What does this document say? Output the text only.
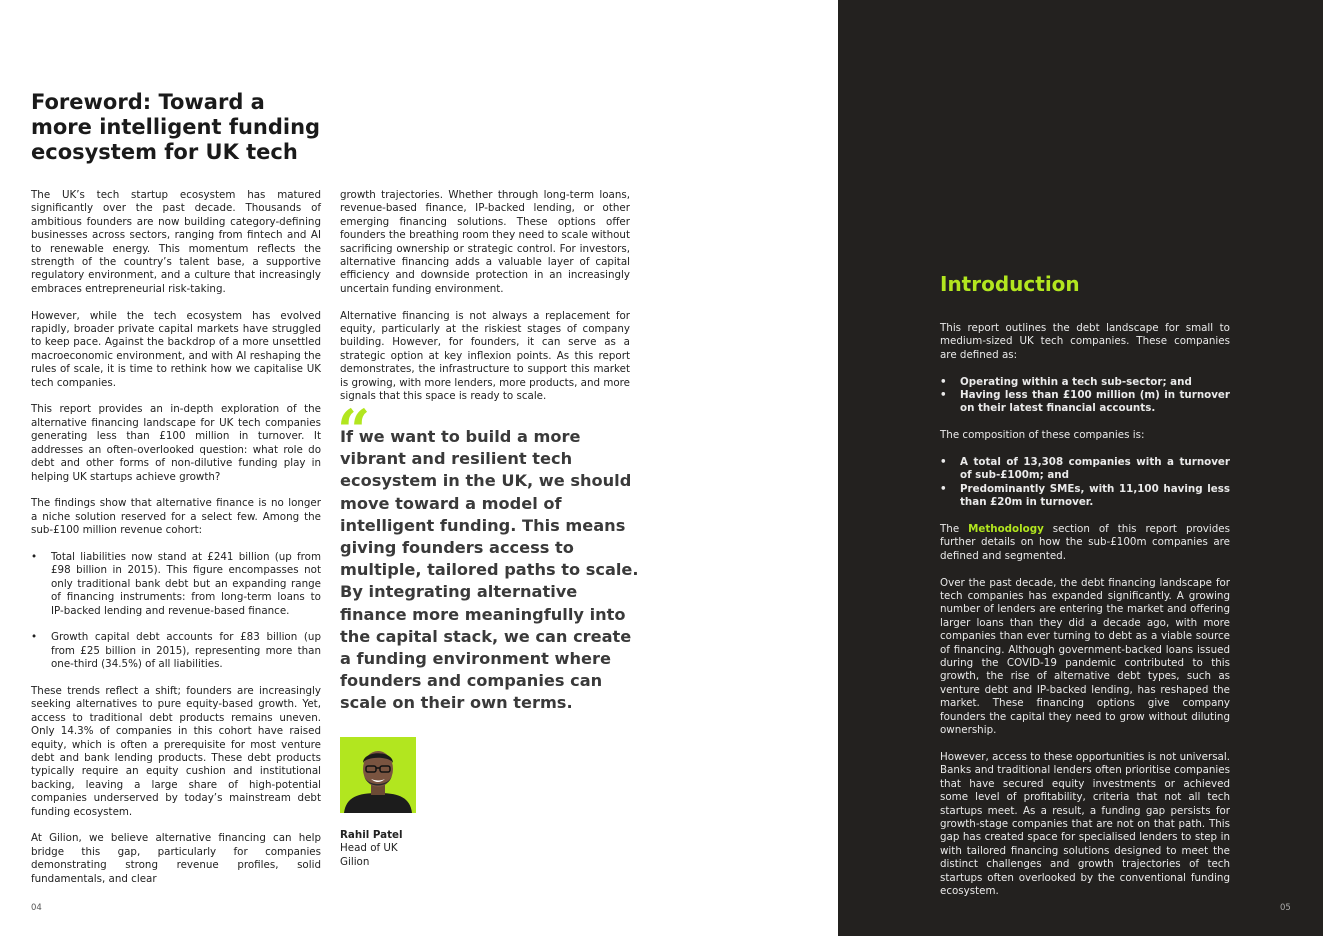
Foreword: Toward a more intelligent funding ecosystem for UK tech

The UK’s tech startup ecosystem has matured significantly over the past decade. Thousands of ambitious founders are now building category-defining businesses across sectors, ranging from fintech and AI to renewable energy. This momentum reflects the strength of the country’s talent base, a supportive regulatory environment, and a culture that increasingly embraces entrepreneurial risk-taking.

However, while the tech ecosystem has evolved rapidly, broader private capital markets have struggled to keep pace. Against the backdrop of a more unsettled macroeconomic environment, and with AI reshaping the rules of scale, it is time to rethink how we capitalise UK tech companies.

This report provides an in-depth exploration of the alternative financing landscape for UK tech companies generating less than £100 million in turnover. It addresses an often-overlooked question: what role do debt and other forms of non-dilutive funding play in helping UK startups achieve growth?

The findings show that alternative finance is no longer a niche solution reserved for a select few. Among the sub-£100 million revenue cohort:

• Total liabilities now stand at £241 billion (up from £98 billion in 2015). This figure encompasses not only traditional bank debt but an expanding range of financing instruments: from long-term loans to IP-backed lending and revenue-based finance.
• Growth capital debt accounts for £83 billion (up from £25 billion in 2015), representing more than one-third (34.5%) of all liabilities.

These trends reflect a shift; founders are increasingly seeking alternatives to pure equity-based growth. Yet, access to traditional debt products remains uneven. Only 14.3% of companies in this cohort have raised equity, which is often a prerequisite for most venture debt and bank lending products. These debt products typically require an equity cushion and institutional backing, leaving a large share of high-potential companies underserved by today’s mainstream debt funding ecosystem.

At Gilion, we believe alternative financing can help bridge this gap, particularly for companies demonstrating strong revenue profiles, solid fundamentals, and clear

growth trajectories. Whether through long-term loans, revenue-based finance, IP-backed lending, or other emerging financing solutions. These options offer founders the breathing room they need to scale without sacrificing ownership or strategic control. For investors, alternative financing adds a valuable layer of capital efficiency and downside protection in an increasingly uncertain funding environment.

Alternative financing is not always a replacement for equity, particularly at the riskiest stages of company building. However, for founders, it can serve as a strategic option at key inflexion points. As this report demonstrates, the infrastructure to support this market is growing, with more lenders, more products, and more signals that this space is ready to scale.

“

If we want to build a more vibrant and resilient tech ecosystem in the UK, we should move toward a model of intelligent funding. This means giving founders access to multiple, tailored paths to scale. By integrating alternative finance more meaningfully into the capital stack, we can create a funding environment where founders and companies can scale on their own terms.

Rahil Patel
Head of UK
Gilion
04
Introduction

This report outlines the debt landscape for small to medium-sized UK tech companies. These companies are defined as:

• Operating within a tech sub-sector; and
• Having less than £100 million (m) in turnover on their latest financial accounts.

The composition of these companies is:

• A total of 13,308 companies with a turnover of sub-£100m; and
• Predominantly SMEs, with 11,100 having less than £20m in turnover.

The Methodology section of this report provides further details on how the sub-£100m companies are defined and segmented.

Over the past decade, the debt financing landscape for tech companies has expanded significantly. A growing number of lenders are entering the market and offering larger loans than they did a decade ago, with more companies than ever turning to debt as a viable source of financing. Although government-backed loans issued during the COVID-19 pandemic contributed to this growth, the rise of alternative debt types, such as venture debt and IP-backed lending, has reshaped the market. These financing options give company founders the capital they need to grow without diluting ownership.

However, access to these opportunities is not universal. Banks and traditional lenders often prioritise companies that have secured equity investments or achieved some level of profitability, criteria that not all tech startups meet. As a result, a funding gap persists for growth-stage companies that are not on that path. This gap has created space for specialised lenders to step in with tailored financing solutions designed to meet the distinct challenges and growth trajectories of tech startups often overlooked by the conventional funding ecosystem.

05
